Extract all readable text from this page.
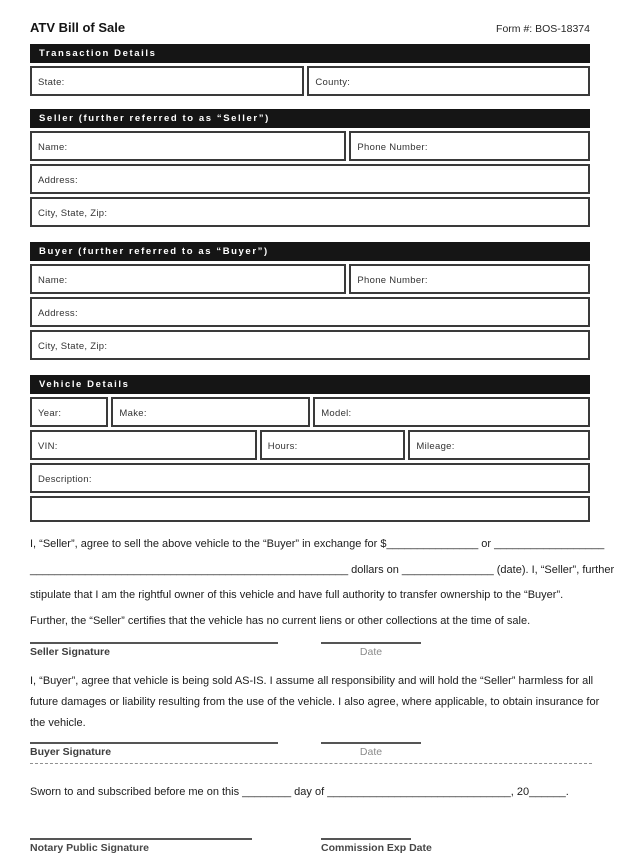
ATV Bill of Sale	Form #: BOS-18374
Transaction Details
State:	County:
Seller (further referred to as “Seller”)
Name:	Phone Number:
Address:
City, State, Zip:
Buyer (further referred to as “Buyer”)
Name:	Phone Number:
Address:
City, State, Zip:
Vehicle Details
Year:	Make:	Model:
VIN:	Hours:	Mileage:
Description:
I, “Seller”, agree to sell the above vehicle to the “Buyer” in exchange for $_______________ or __________________
____________________________________________________ dollars on _______________ (date). I, “Seller”, further
stipulate that I am the rightful owner of this vehicle and have full authority to transfer ownership to the “Buyer”.
Further, the “Seller” certifies that the vehicle has no current liens or other collections at the time of sale.
Seller Signature	Date
I, “Buyer”, agree that vehicle is being sold AS-IS. I assume all responsibility and will hold the “Seller” harmless for all
future damages or liability resulting from the use of the vehicle. I also agree, where applicable, to obtain insurance for
the vehicle.
Buyer Signature	Date
Sworn to and subscribed before me on this ________ day of ______________________________, 20______.
Notary Public Signature	Commission Exp Date
